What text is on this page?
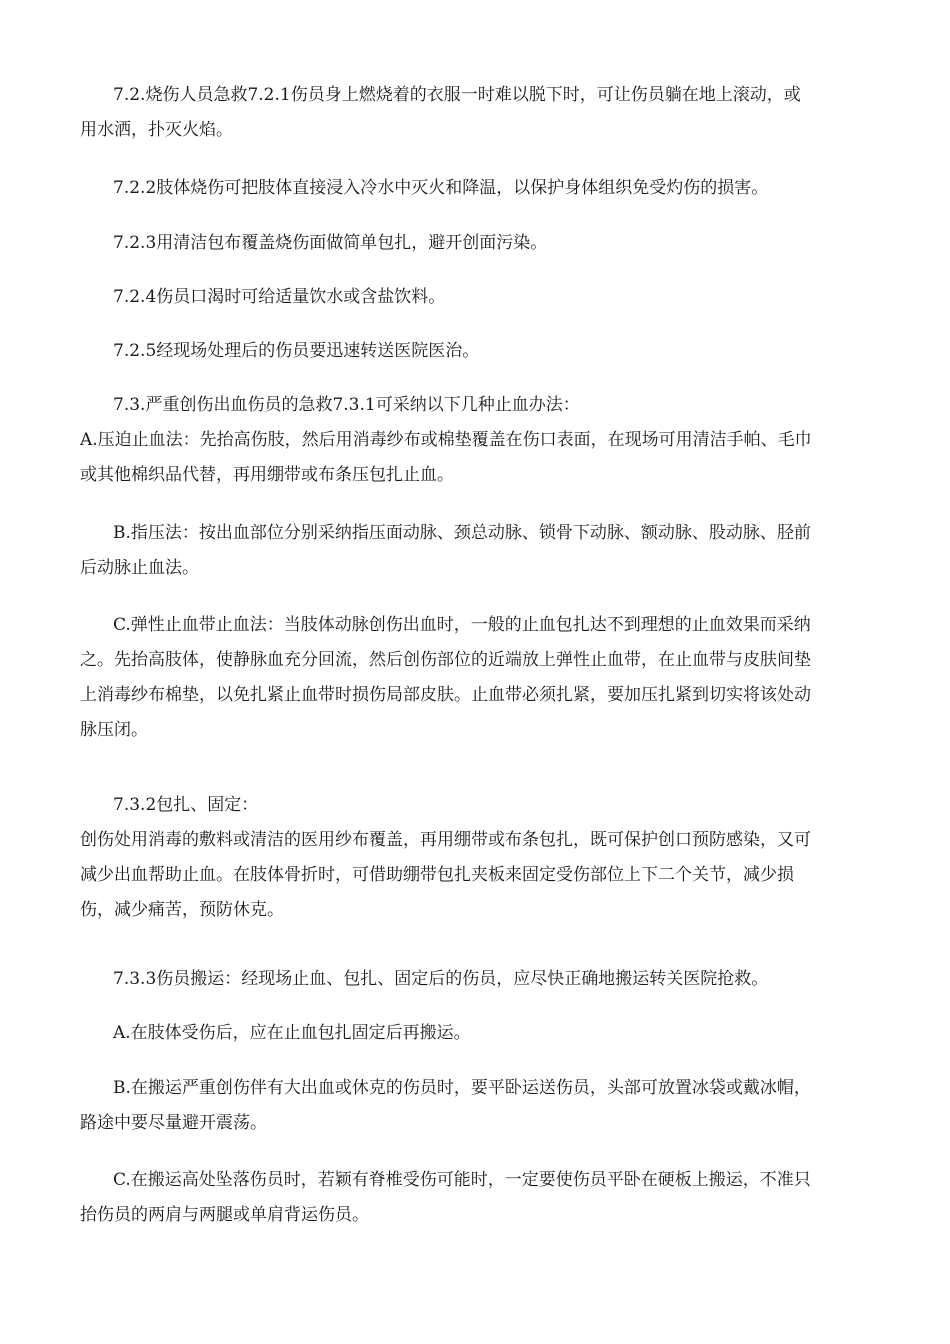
7.2.烧伤人员急救7.2.1伤员身上燃烧着的衣服一时难以脱下时，可让伤员躺在地上滚动，或
用水洒，扑灭火焰。

7.2.2肢体烧伤可把肢体直接浸入冷水中灭火和降温，以保护身体组织免受灼伤的损害。

7.2.3用清洁包布覆盖烧伤面做简单包扎，避开创面污染。

7.2.4伤员口渴时可给适量饮水或含盐饮料。

7.2.5经现场处理后的伤员要迅速转送医院医治。

7.3.严重创伤出血伤员的急救7.3.1可采纳以下几种止血办法：

A.压迫止血法：先抬高伤肢，然后用消毒纱布或棉垫覆盖在伤口表面，在现场可用清洁手帕、毛巾
或其他棉织品代替，再用绷带或布条压包扎止血。

B.指压法：按出血部位分别采纳指压面动脉、颈总动脉、锁骨下动脉、额动脉、股动脉、胫前
后动脉止血法。

C.弹性止血带止血法：当肢体动脉创伤出血时，一般的止血包扎达不到理想的止血效果而采纳
之。先抬高肢体，使静脉血充分回流，然后创伤部位的近端放上弹性止血带，在止血带与皮肤间垫
上消毒纱布棉垫，以免扎紧止血带时损伤局部皮肤。止血带必须扎紧，要加压扎紧到切实将该处动
脉压闭。

7.3.2包扎、固定：

创伤处用消毒的敷料或清洁的医用纱布覆盖，再用绷带或布条包扎，既可保护创口预防感染，又可
减少出血帮助止血。在肢体骨折时，可借助绷带包扎夹板来固定受伤部位上下二个关节，减少损
伤，减少痛苦，预防休克。

7.3.3伤员搬运：经现场止血、包扎、固定后的伤员，应尽快正确地搬运转关医院抢救。

A.在肢体受伤后，应在止血包扎固定后再搬运。

B.在搬运严重创伤伴有大出血或休克的伤员时，要平卧运送伤员，头部可放置冰袋或戴冰帽，
路途中要尽量避开震荡。

C.在搬运高处坠落伤员时，若颖有脊椎受伤可能时，一定要使伤员平卧在硬板上搬运，不准只
抬伤员的两肩与两腿或单肩背运伤员。
